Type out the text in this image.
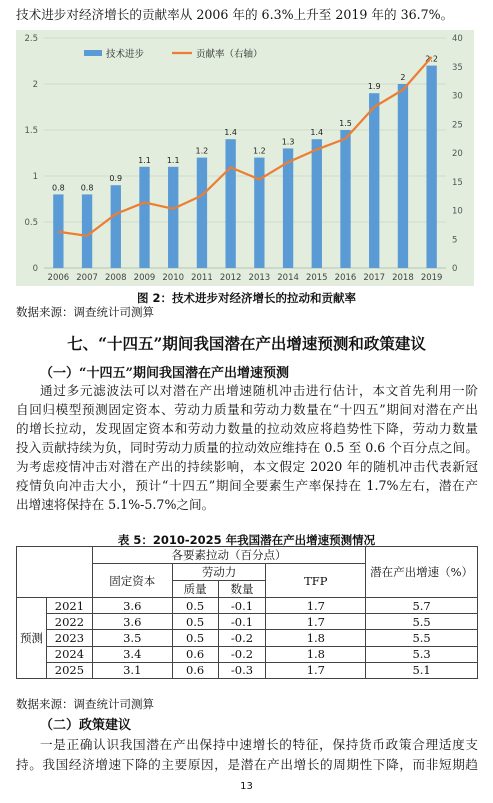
技术进步对经济增长的贡献率从 2006 年的 6.3%上升至 2019 年的 36.7%。
0
0.5
1
1.5
2
2.5
0
5
10
15
20
25
30
35
40
0.8
2006
0.8
2007
0.9
2008
1.1
2009
1.1
2010
1.2
2011
1.4
2012
1.2
2013
1.3
2014
1.4
2015
1.5
2016
1.9
2017
2
2018
2.2
2019
技术进步	贡献率（右轴）
图 2：技术进步对经济增长的拉动和贡献率
数据来源：调查统计司测算
七、“十四五”期间我国潜在产出增速预测和政策建议
（一）“十四五”期间我国潜在产出增速预测
通过多元滤波法可以对潜在产出增速随机冲击进行估计，本文首先利用一阶
自回归模型预测固定资本、劳动力质量和劳动力数量在“十四五”期间对潜在产出
的增长拉动，发现固定资本和劳动力数量的拉动效应将趋势性下降，劳动力数量
投入贡献持续为负，同时劳动力质量的拉动效应维持在 0.5 至 0.6 个百分点之间。
为考虑疫情冲击对潜在产出的持续影响，本文假定 2020 年的随机冲击代表新冠
疫情负向冲击大小，预计“十四五”期间全要素生产率保持在 1.7%左右，潜在产
出增速将保持在 5.1%-5.7%之间。
表 5：2010-2025 年我国潜在产出增速预测情况
		各要素拉动（百分点）				潜在产出增速（%）
		固定资本	劳动力		TFP	
			质量	数量		
预测	2021	3.6	0.5	-0.1	1.7	5.7
	2022	3.6	0.5	-0.1	1.7	5.5
	2023	3.5	0.5	-0.2	1.8	5.5
	2024	3.4	0.6	-0.2	1.8	5.3
	2025	3.1	0.6	-0.3	1.7	5.1
数据来源：调查统计司测算
（二）政策建议
一是正确认识我国潜在产出保持中速增长的特征，保持货币政策合理适度支
持。我国经济增速下降的主要原因，是潜在产出增长的周期性下降，而非短期趋
13
